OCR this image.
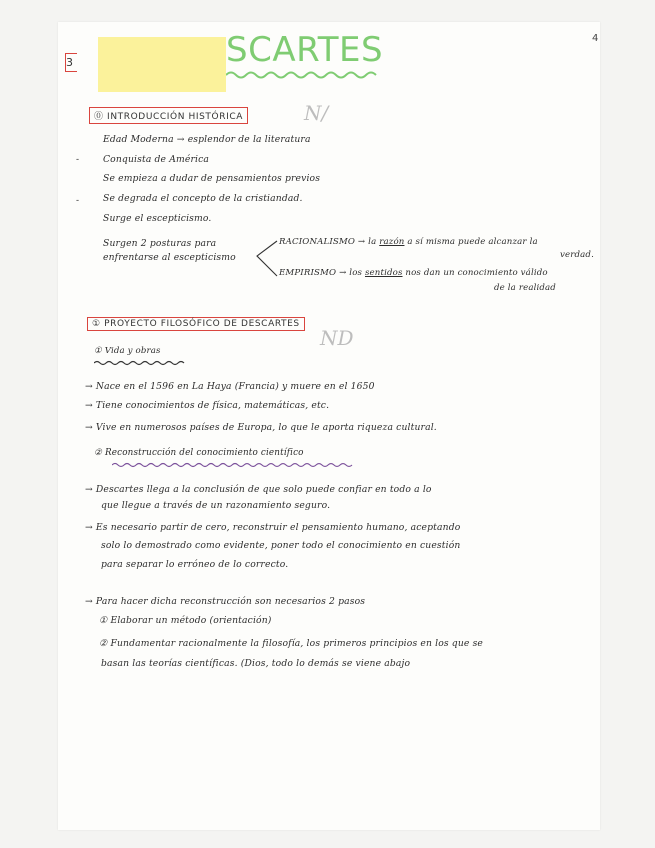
SCARTES
3
4
⓪ INTRODUCCIÓN HISTÓRICA	N/
Edad Moderna → esplendor de la literatura
-	Conquista de América
Se empieza a dudar de pensamientos previos
-	Se degrada el concepto de la cristiandad.
Surge el escepticismo.
Surgen 2 posturas para
enfrentarse al escepticismo
RACIONALISMO → la razón a sí misma puede alcanzar la
verdad.
EMPIRISMO → los sentidos nos dan un conocimiento válido
de la realidad
① PROYECTO FILOSÓFICO DE DESCARTES
ND
① Vida y obras
→ Nace en el 1596 en La Haya (Francia) y muere en el 1650
→ Tiene conocimientos de física, matemáticas, etc.
→ Vive en numerosos países de Europa, lo que le aporta riqueza cultural.
② Reconstrucción del conocimiento científico
→ Descartes llega a la conclusión de que solo puede confiar en todo a lo
que llegue a través de un razonamiento seguro.
→ Es necesario partir de cero, reconstruir el pensamiento humano, aceptando
solo lo demostrado como evidente, poner todo el conocimiento en cuestión
para separar lo erróneo de lo correcto.
→ Para hacer dicha reconstrucción son necesarios 2 pasos
① Elaborar un método (orientación)
② Fundamentar racionalmente la filosofía, los primeros principios en los que se
basan las teorías científicas. (Dios, todo lo demás se viene abajo
